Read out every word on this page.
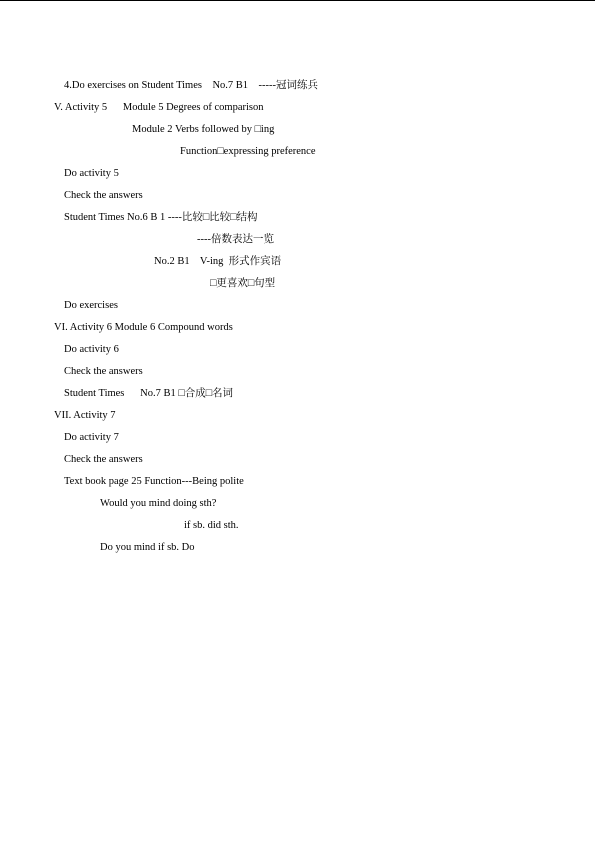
4.Do exercises on Student Times    No.7 B1    -----冠词练兵
V. Activity 5      Module 5 Degrees of comparison
Module 2 Verbs followed by □ing
Function□expressing preference
Do activity 5
Check the answers
Student Times No.6 B 1 ----比较□比较□结构
----倍数表达一览
No.2 B1    V-ing  形式作宾语
□更喜欢□句型
Do exercises
VI. Activity 6 Module 6 Compound words
Do activity 6
Check the answers
Student Times      No.7 B1 □合成□名词
VII. Activity 7
Do activity 7
Check the answers
Text book page 25 Function---Being polite
Would you mind doing sth?
if sb. did sth.
Do you mind if sb. Do
